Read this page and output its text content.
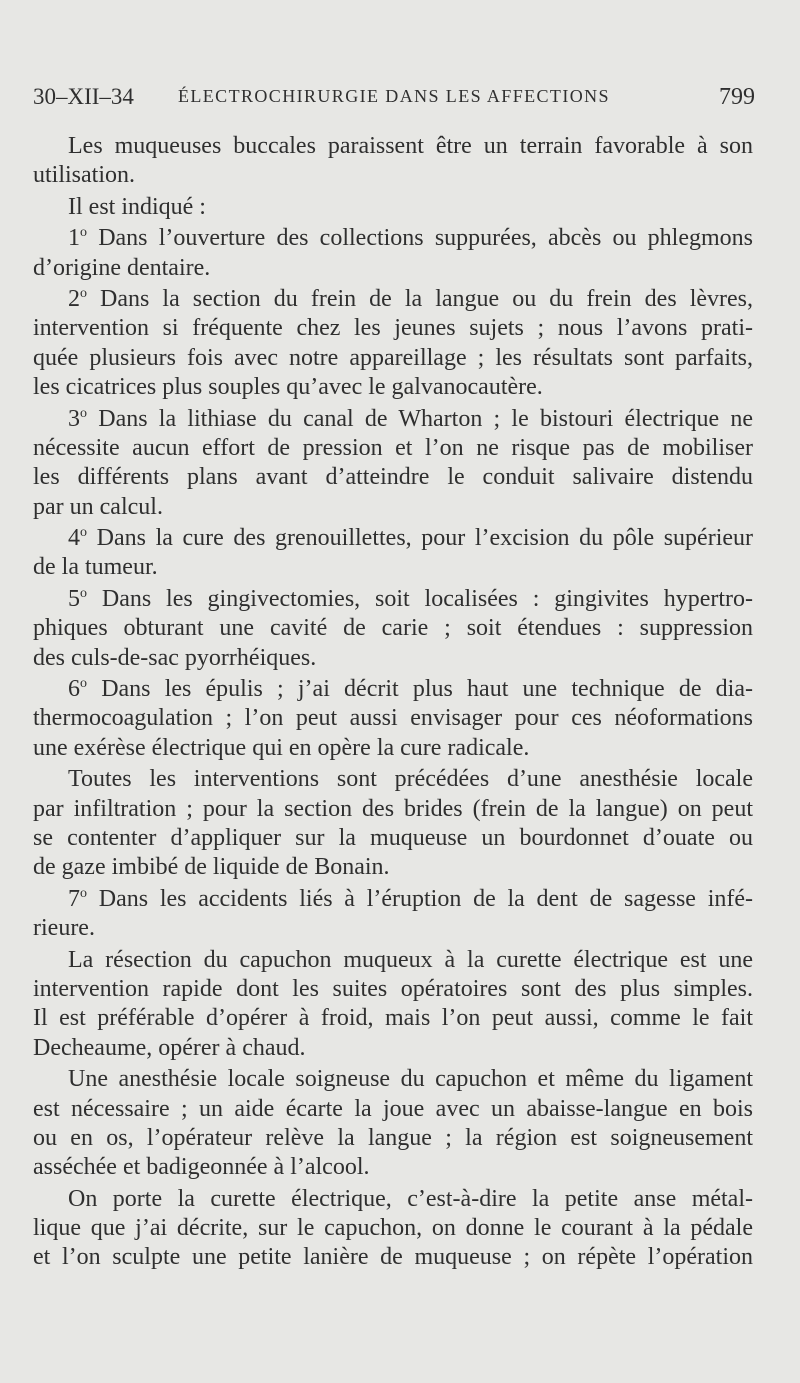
30–XII–34 ÉLECTROCHIRURGIE DANS LES AFFECTIONS	799
Les muqueuses buccales paraissent être un terrain favorable à son
utilisation.
Il est indiqué :
1$^o$ Dans l’ouverture des collections suppurées, abcès ou phlegmons
d’origine dentaire.
2$^o$ Dans la section du frein de la langue ou du frein des lèvres,
intervention si fréquente chez les jeunes sujets ; nous l’avons prati-
quée plusieurs fois avec notre appareillage ; les résultats sont parfaits,
les cicatrices plus souples qu’avec le galvanocautère.
3$^o$ Dans la lithiase du canal de Wharton ; le bistouri électrique ne
nécessite aucun effort de pression et l’on ne risque pas de mobiliser
les différents plans avant d’atteindre le conduit salivaire distendu
par un calcul.
4$^o$ Dans la cure des grenouillettes, pour l’excision du pôle supérieur
de la tumeur.
5$^o$ Dans les gingivectomies, soit localisées : gingivites hypertro-
phiques obturant une cavité de carie ; soit étendues : suppression
des culs-de-sac pyorrhéiques.
6$^o$ Dans les épulis ; j’ai décrit plus haut une technique de dia-
thermocoagulation ; l’on peut aussi envisager pour ces néoformations
une exérèse électrique qui en opère la cure radicale.
Toutes les interventions sont précédées d’une anesthésie locale
par infiltration ; pour la section des brides (frein de la langue) on peut
se contenter d’appliquer sur la muqueuse un bourdonnet d’ouate ou
de gaze imbibé de liquide de Bonain.
7$^o$ Dans les accidents liés à l’éruption de la dent de sagesse infé-
rieure.
La résection du capuchon muqueux à la curette électrique est une
intervention rapide dont les suites opératoires sont des plus simples.
Il est préférable d’opérer à froid, mais l’on peut aussi, comme le fait
Decheaume, opérer à chaud.
Une anesthésie locale soigneuse du capuchon et même du ligament
est nécessaire ; un aide écarte la joue avec un abaisse-langue en bois
ou en os, l’opérateur relève la langue ; la région est soigneusement
asséchée et badigeonnée à l’alcool.
On porte la curette électrique, c’est-à-dire la petite anse métal-
lique que j’ai décrite, sur le capuchon, on donne le courant à la pédale
et l’on sculpte une petite lanière de muqueuse ; on répète l’opération
